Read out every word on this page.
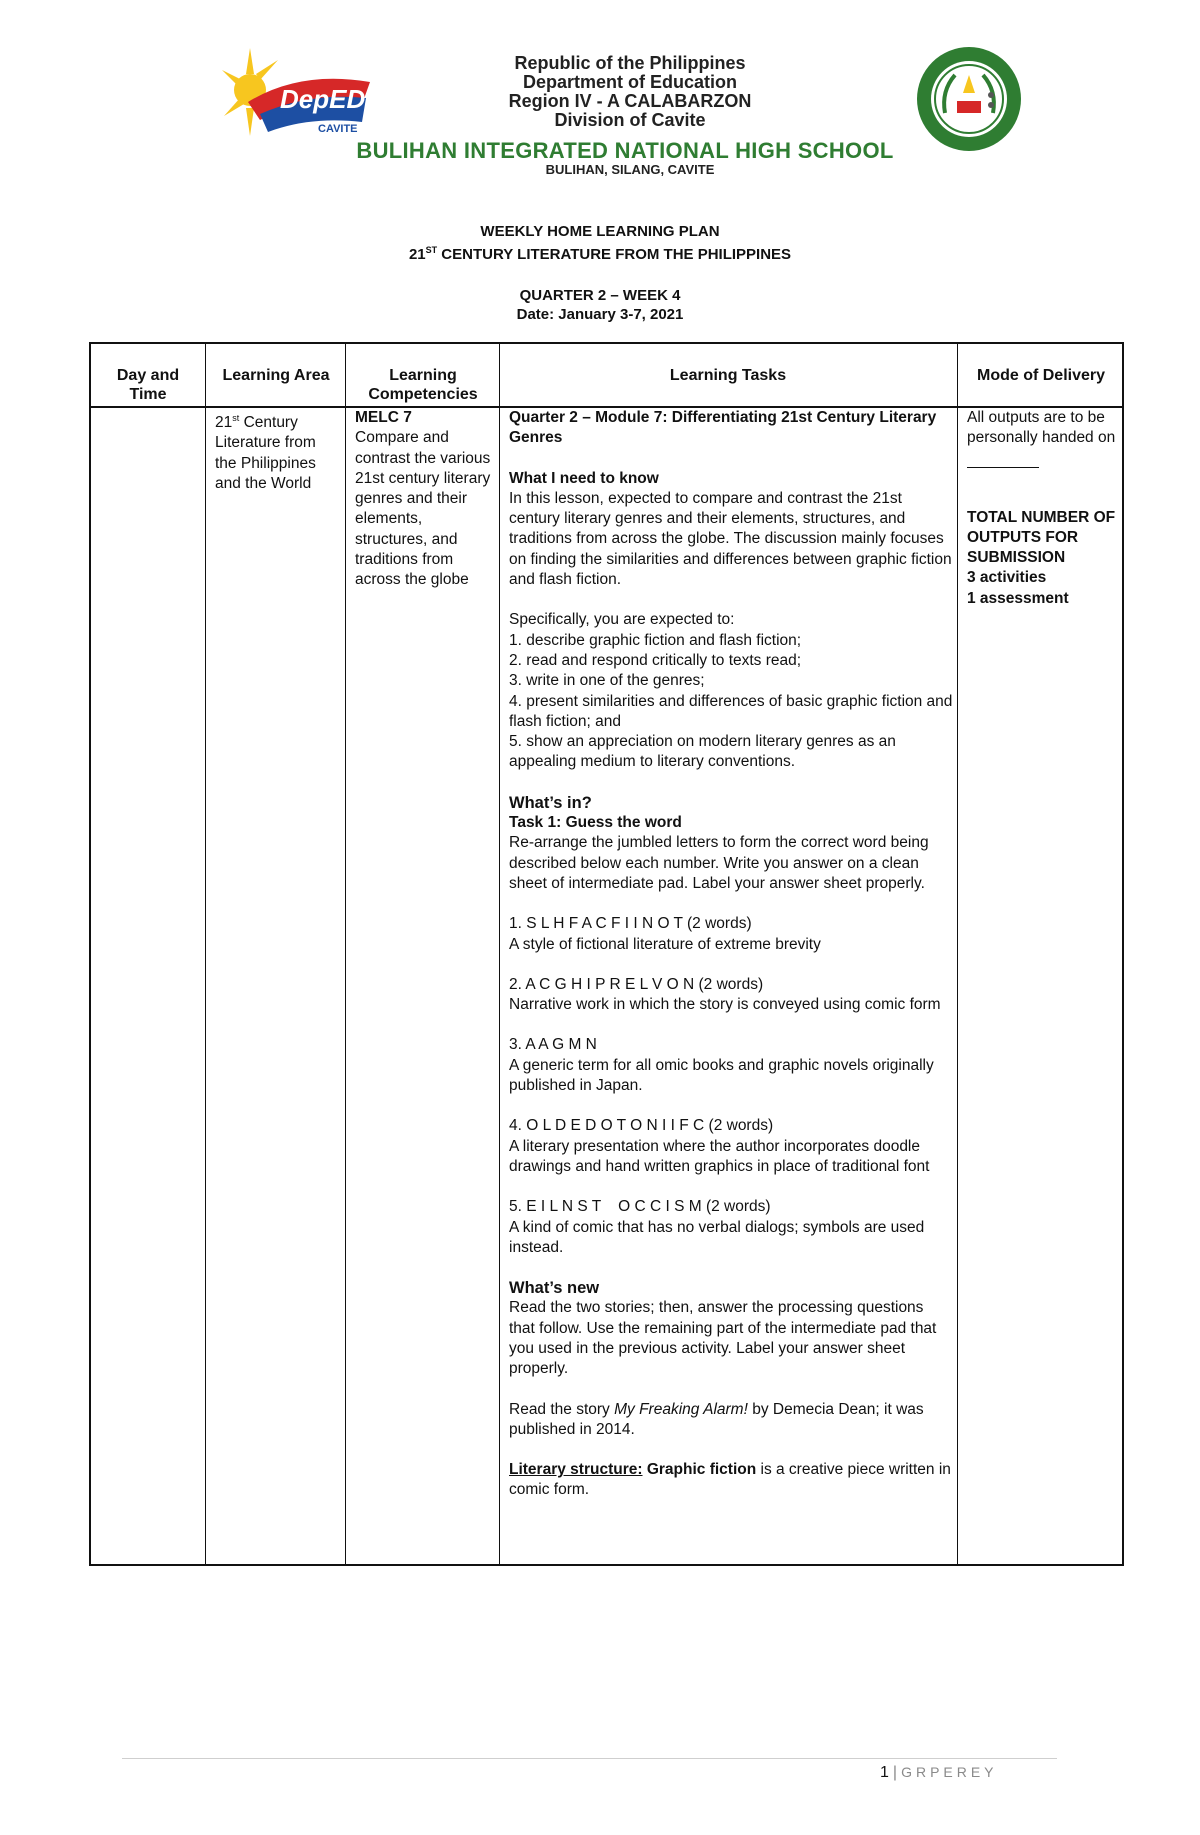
DepED
CAVITE
Republic of the Philippines
Department of Education
Region IV - A CALABARZON
Division of Cavite
BULIHAN INTEGRATED NATIONAL HIGH SCHOOL
BULIHAN, SILANG, CAVITE
WEEKLY HOME LEARNING PLAN
21ST CENTURY LITERATURE FROM THE PHILIPPINES
QUARTER 2 – WEEK 4
Date: January 3-7, 2021
Day and Time
Learning Area	Learning Competencies
Learning Tasks	Mode of Delivery
21st Century Literature from the Philippines and the World
MELC 7
Compare and contrast the various 21st century literary genres and their elements, structures, and traditions from across the globe
Quarter 2 – Module 7: Differentiating 21st Century Literary Genres
What I need to know
In this lesson, expected to compare and contrast the 21st century literary genres and their elements, structures, and traditions from across the globe. The discussion mainly focuses on finding the similarities and differences between graphic fiction and flash fiction.
Specifically, you are expected to:
1. describe graphic fiction and flash fiction;
2. read and respond critically to texts read;
3. write in one of the genres;
4. present similarities and differences of basic graphic fiction and flash fiction; and
5. show an appreciation on modern literary genres as an appealing medium to literary conventions.
What’s in?
Task 1: Guess the word
Re-arrange the jumbled letters to form the correct word being described below each number. Write you answer on a clean sheet of intermediate pad. Label your answer sheet properly.
1. S L H F A C F I I N O T (2 words)
A style of fictional literature of extreme brevity
2. A C G H I P R E L V O N (2 words)
Narrative work in which the story is conveyed using comic form
3. A A G M N
A generic term for all omic books and graphic novels originally published in Japan.
4. O L D E D O T O N I I F C (2 words)
A literary presentation where the author incorporates doodle drawings and hand written graphics in place of traditional font
5. E I L N S T    O C C I S M (2 words)
A kind of comic that has no verbal dialogs; symbols are used instead.
What’s new
Read the two stories; then, answer the processing questions that follow. Use the remaining part of the intermediate pad that you used in the previous activity. Label your answer sheet properly.
Read the story My Freaking Alarm! by Demecia Dean; it was published in 2014.
Literary structure: Graphic fiction is a creative piece written in comic form.
All outputs are to be personally handed on
TOTAL NUMBER OF OUTPUTS FOR SUBMISSION
3 activities
1 assessment
1 | GRPEREY
